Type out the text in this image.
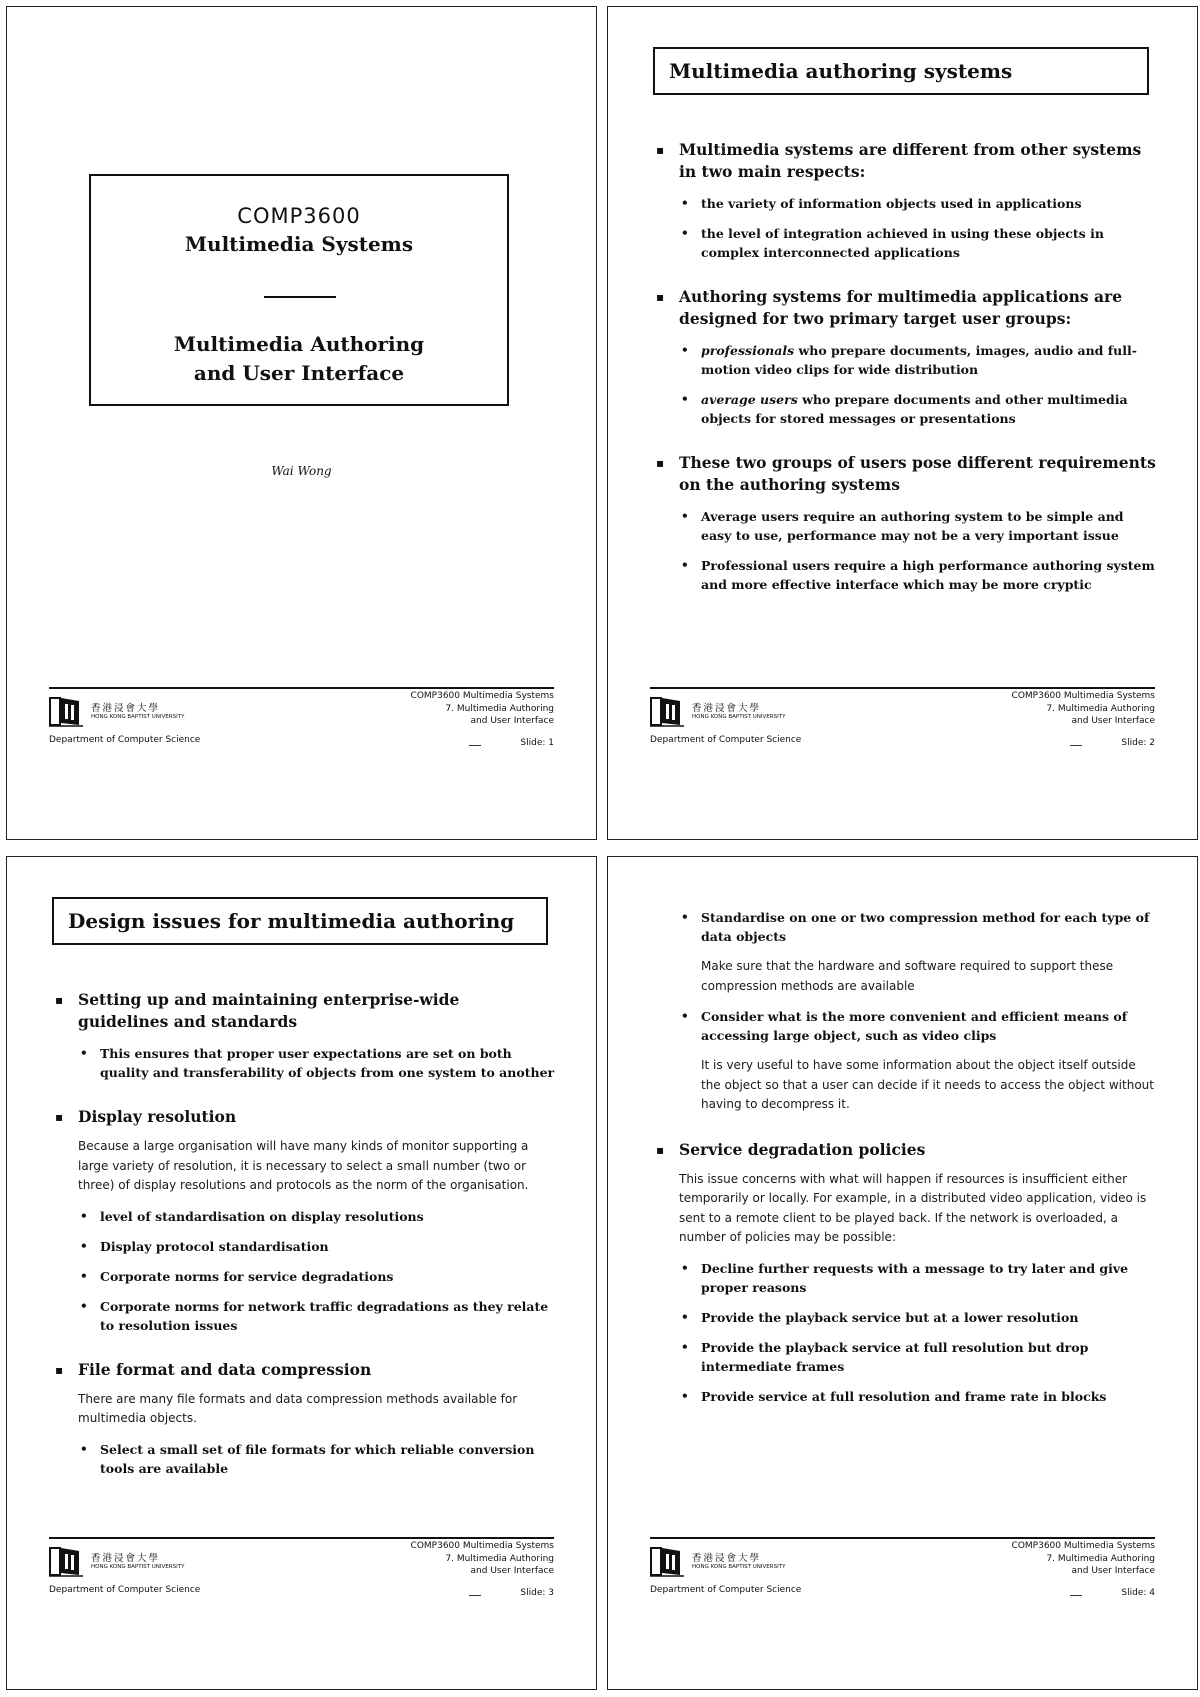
COMP3600
Multimedia Systems
Multimedia Authoring
and User Interface
Wai Wong
香港浸會大學
HONG KONG BAPTIST UNIVERSITY
Department of Computer Science
COMP3600 Multimedia Systems
7. Multimedia Authoring
and User Interface
Slide: 1
Multimedia authoring systems
▪ Multimedia systems are different from other systems in two main respects:
• the variety of information objects used in applications
• the level of integration achieved in using these objects in complex interconnected applications
▪ Authoring systems for multimedia applications are designed for two primary target user groups:
• professionals who prepare documents, images, audio and full-motion video clips for wide distribution
• average users who prepare documents and other multimedia objects for stored messages or presentations
▪ These two groups of users pose different requirements on the authoring systems
• Average users require an authoring system to be simple and easy to use, performance may not be a very important issue
• Professional users require a high performance authoring system and more effective interface which may be more cryptic
香港浸會大學
HONG KONG BAPTIST UNIVERSITY
Department of Computer Science
COMP3600 Multimedia Systems
7. Multimedia Authoring
and User Interface
Slide: 2
Design issues for multimedia authoring
▪ Setting up and maintaining enterprise-wide guidelines and standards
• This ensures that proper user expectations are set on both quality and transferability of objects from one system to another
▪ Display resolution
Because a large organisation will have many kinds of monitor supporting a large variety of resolution, it is necessary to select a small number (two or three) of display resolutions and protocols as the norm of the organisation.
• level of standardisation on display resolutions
• Display protocol standardisation
• Corporate norms for service degradations
• Corporate norms for network traffic degradations as they relate to resolution issues
▪ File format and data compression
There are many file formats and data compression methods available for multimedia objects.
• Select a small set of file formats for which reliable conversion tools are available
香港浸會大學
HONG KONG BAPTIST UNIVERSITY
Department of Computer Science
COMP3600 Multimedia Systems
7. Multimedia Authoring
and User Interface
Slide: 3
• Standardise on one or two compression method for each type of data objects
Make sure that the hardware and software required to support these compression methods are available
• Consider what is the more convenient and efficient means of accessing large object, such as video clips
It is very useful to have some information about the object itself outside the object so that a user can decide if it needs to access the object without having to decompress it.
▪ Service degradation policies
This issue concerns with what will happen if resources is insufficient either temporarily or locally. For example, in a distributed video application, video is sent to a remote client to be played back. If the network is overloaded, a number of policies may be possible:
• Decline further requests with a message to try later and give proper reasons
• Provide the playback service but at a lower resolution
• Provide the playback service at full resolution but drop intermediate frames
• Provide service at full resolution and frame rate in blocks
香港浸會大學
HONG KONG BAPTIST UNIVERSITY
Department of Computer Science
COMP3600 Multimedia Systems
7. Multimedia Authoring
and User Interface
Slide: 4
